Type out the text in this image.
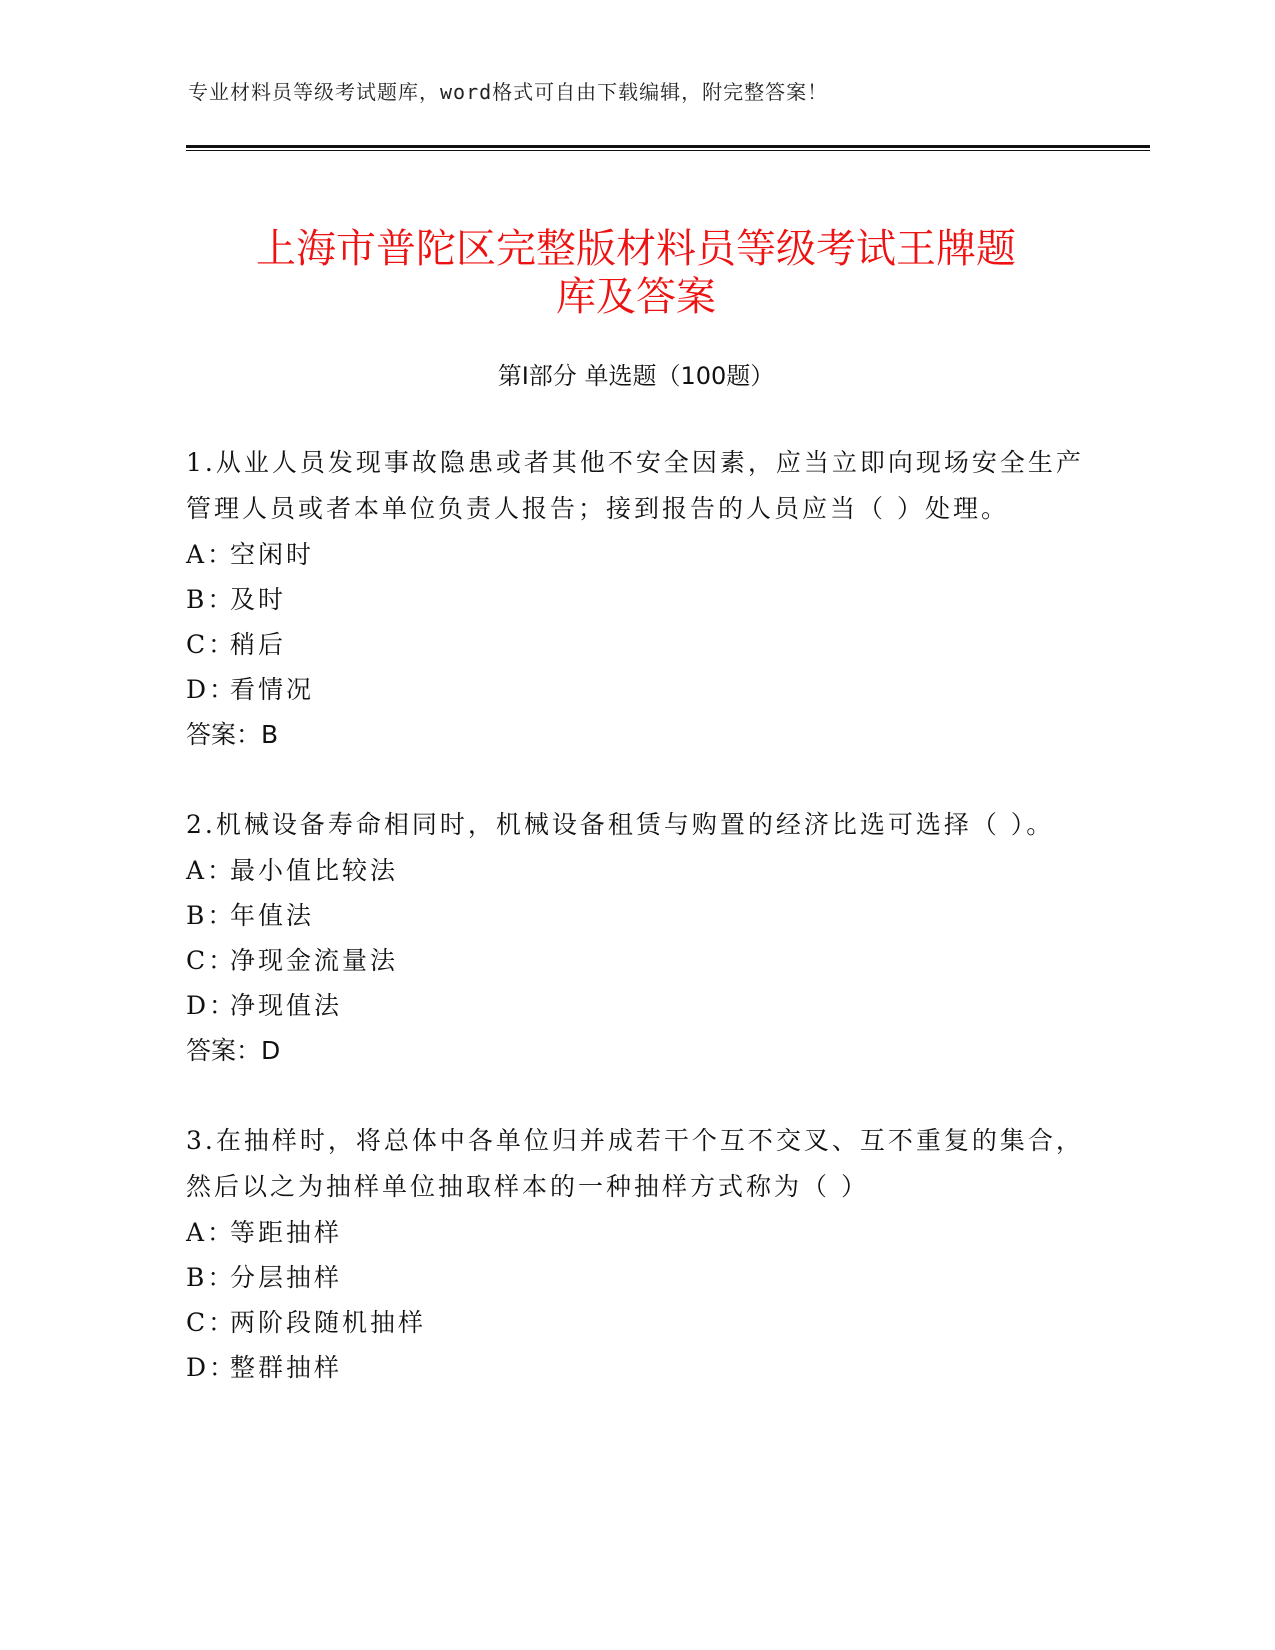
专业材料员等级考试题库，word格式可自由下载编辑，附完整答案！
上海市普陀区完整版材料员等级考试王牌题
库及答案
第Ⅰ部分 单选题（100题）

1.从业人员发现事故隐患或者其他不安全因素，应当立即向现场安全生产管理人员或者本单位负责人报告；接到报告的人员应当（ ）处理。

A：空闲时
B：及时
C：稍后
D：看情况
答案：B

2.机械设备寿命相同时，机械设备租赁与购置的经济比选可选择（ ）。

A：最小值比较法
B：年值法
C：净现金流量法
D：净现值法
答案：D

3.在抽样时，将总体中各单位归并成若干个互不交叉、互不重复的集合，然后以之为抽样单位抽取样本的一种抽样方式称为（ ）

A：等距抽样
B：分层抽样
C：两阶段随机抽样
D：整群抽样
